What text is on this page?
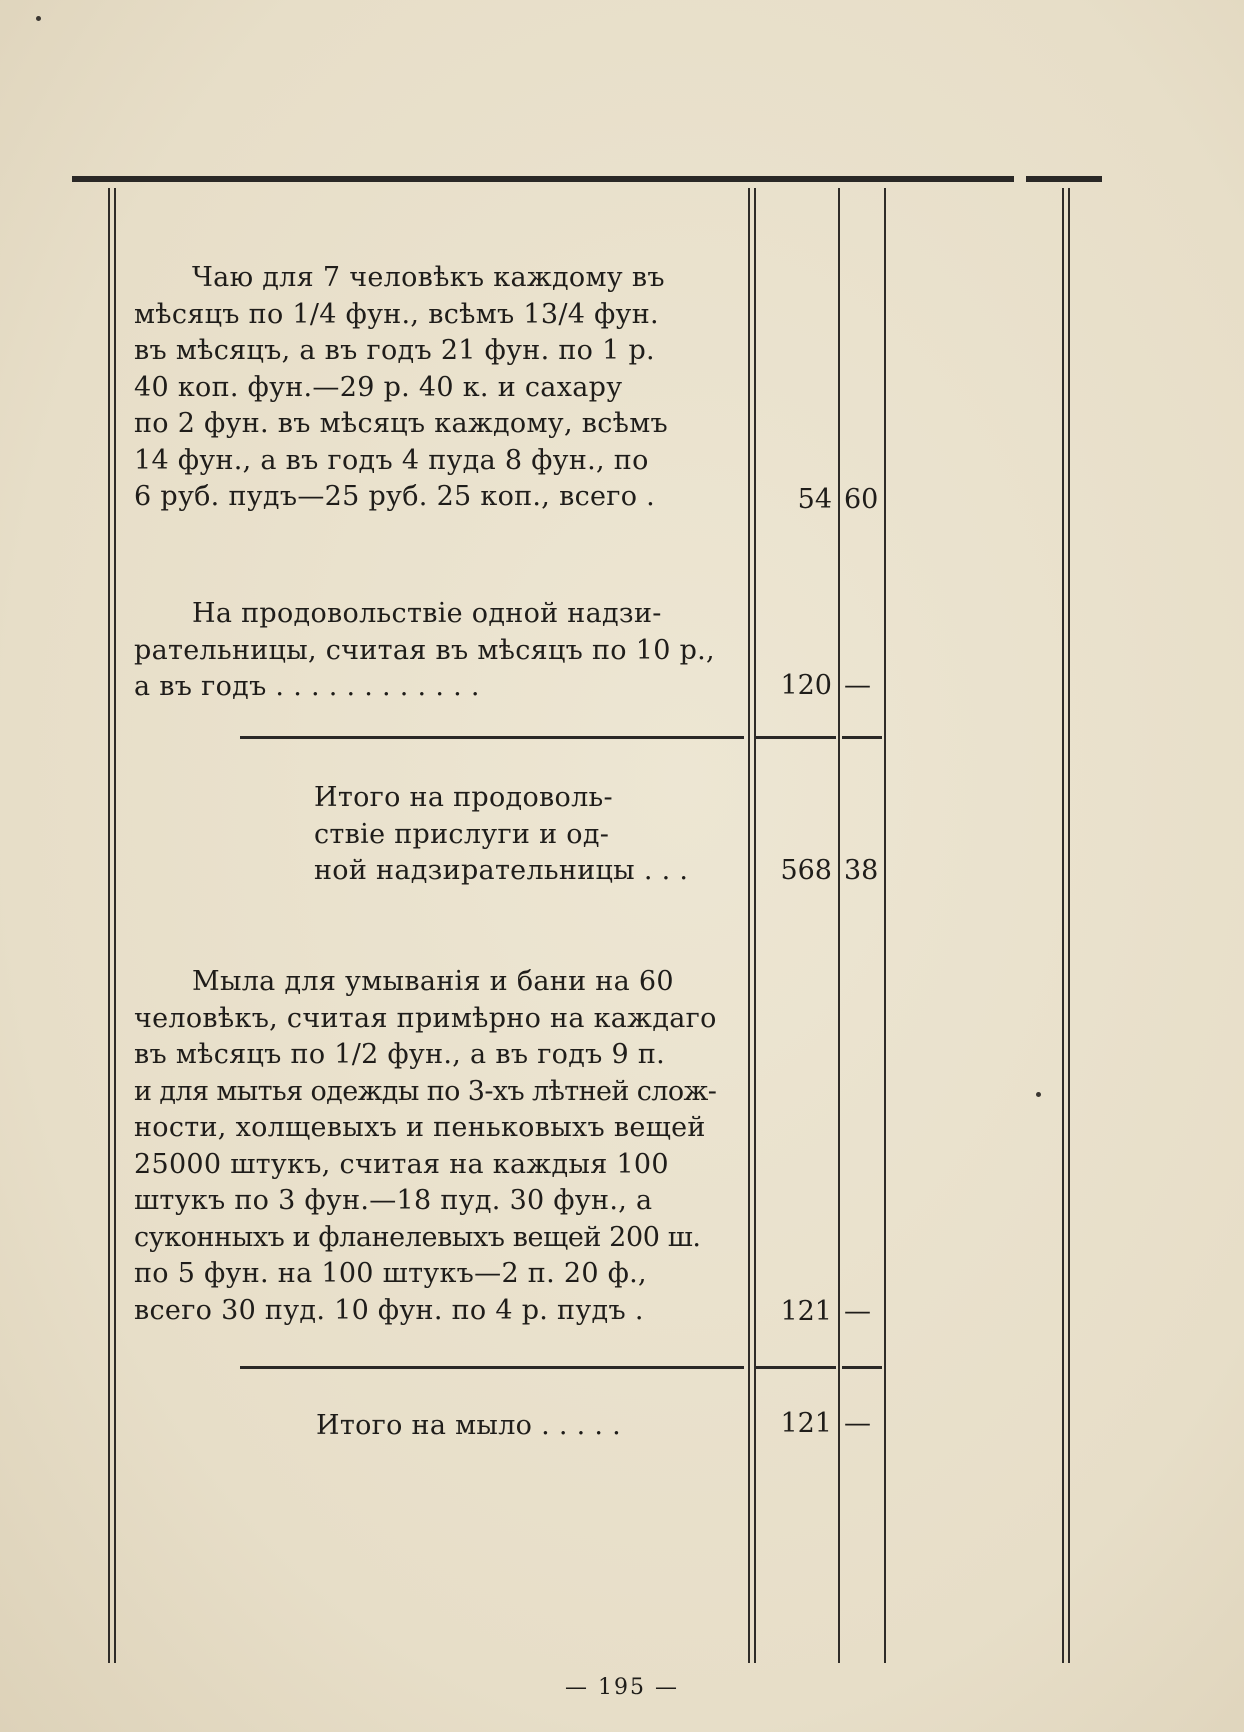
Чаю для 7 человѣкъ каждому въ
мѣсяцъ по 1/4 фун., всѣмъ 13/4 фун.
въ мѣсяцъ, а въ годъ 21 фун. по 1 р.
40 коп. фун.—29 р. 40 к. и сахару
по 2 фун. въ мѣсяцъ каждому, всѣмъ
14 фун., а въ годъ 4 пуда 8 фун., по
6 руб. пудъ—25 руб. 25 коп., всего .	54 60
На продовольствіе одной надзи-
рательницы, считая въ мѣсяцъ по 10 р.,
а въ годъ . . . . . . . . . . . .	120 —
Итого на продоволь-
ствіе прислуги и од-
ной надзирательницы . . .	568 38
Мыла для умыванія и бани на 60
человѣкъ, считая примѣрно на каждаго
въ мѣсяцъ по 1/2 фун., а въ годъ 9 п.
и для мытья одежды по 3-хъ лѣтней слож-
ности, холщевыхъ и пеньковыхъ вещей
25000 штукъ, считая на каждыя 100
штукъ по 3 фун.—18 пуд. 30 фун., а
суконныхъ и фланелевыхъ вещей 200 ш.
по 5 фун. на 100 штукъ—2 п. 20 ф.,
всего 30 пуд. 10 фун. по 4 р. пудъ .	121 —
Итого на мыло . . . . .	121 —
— 195 —
